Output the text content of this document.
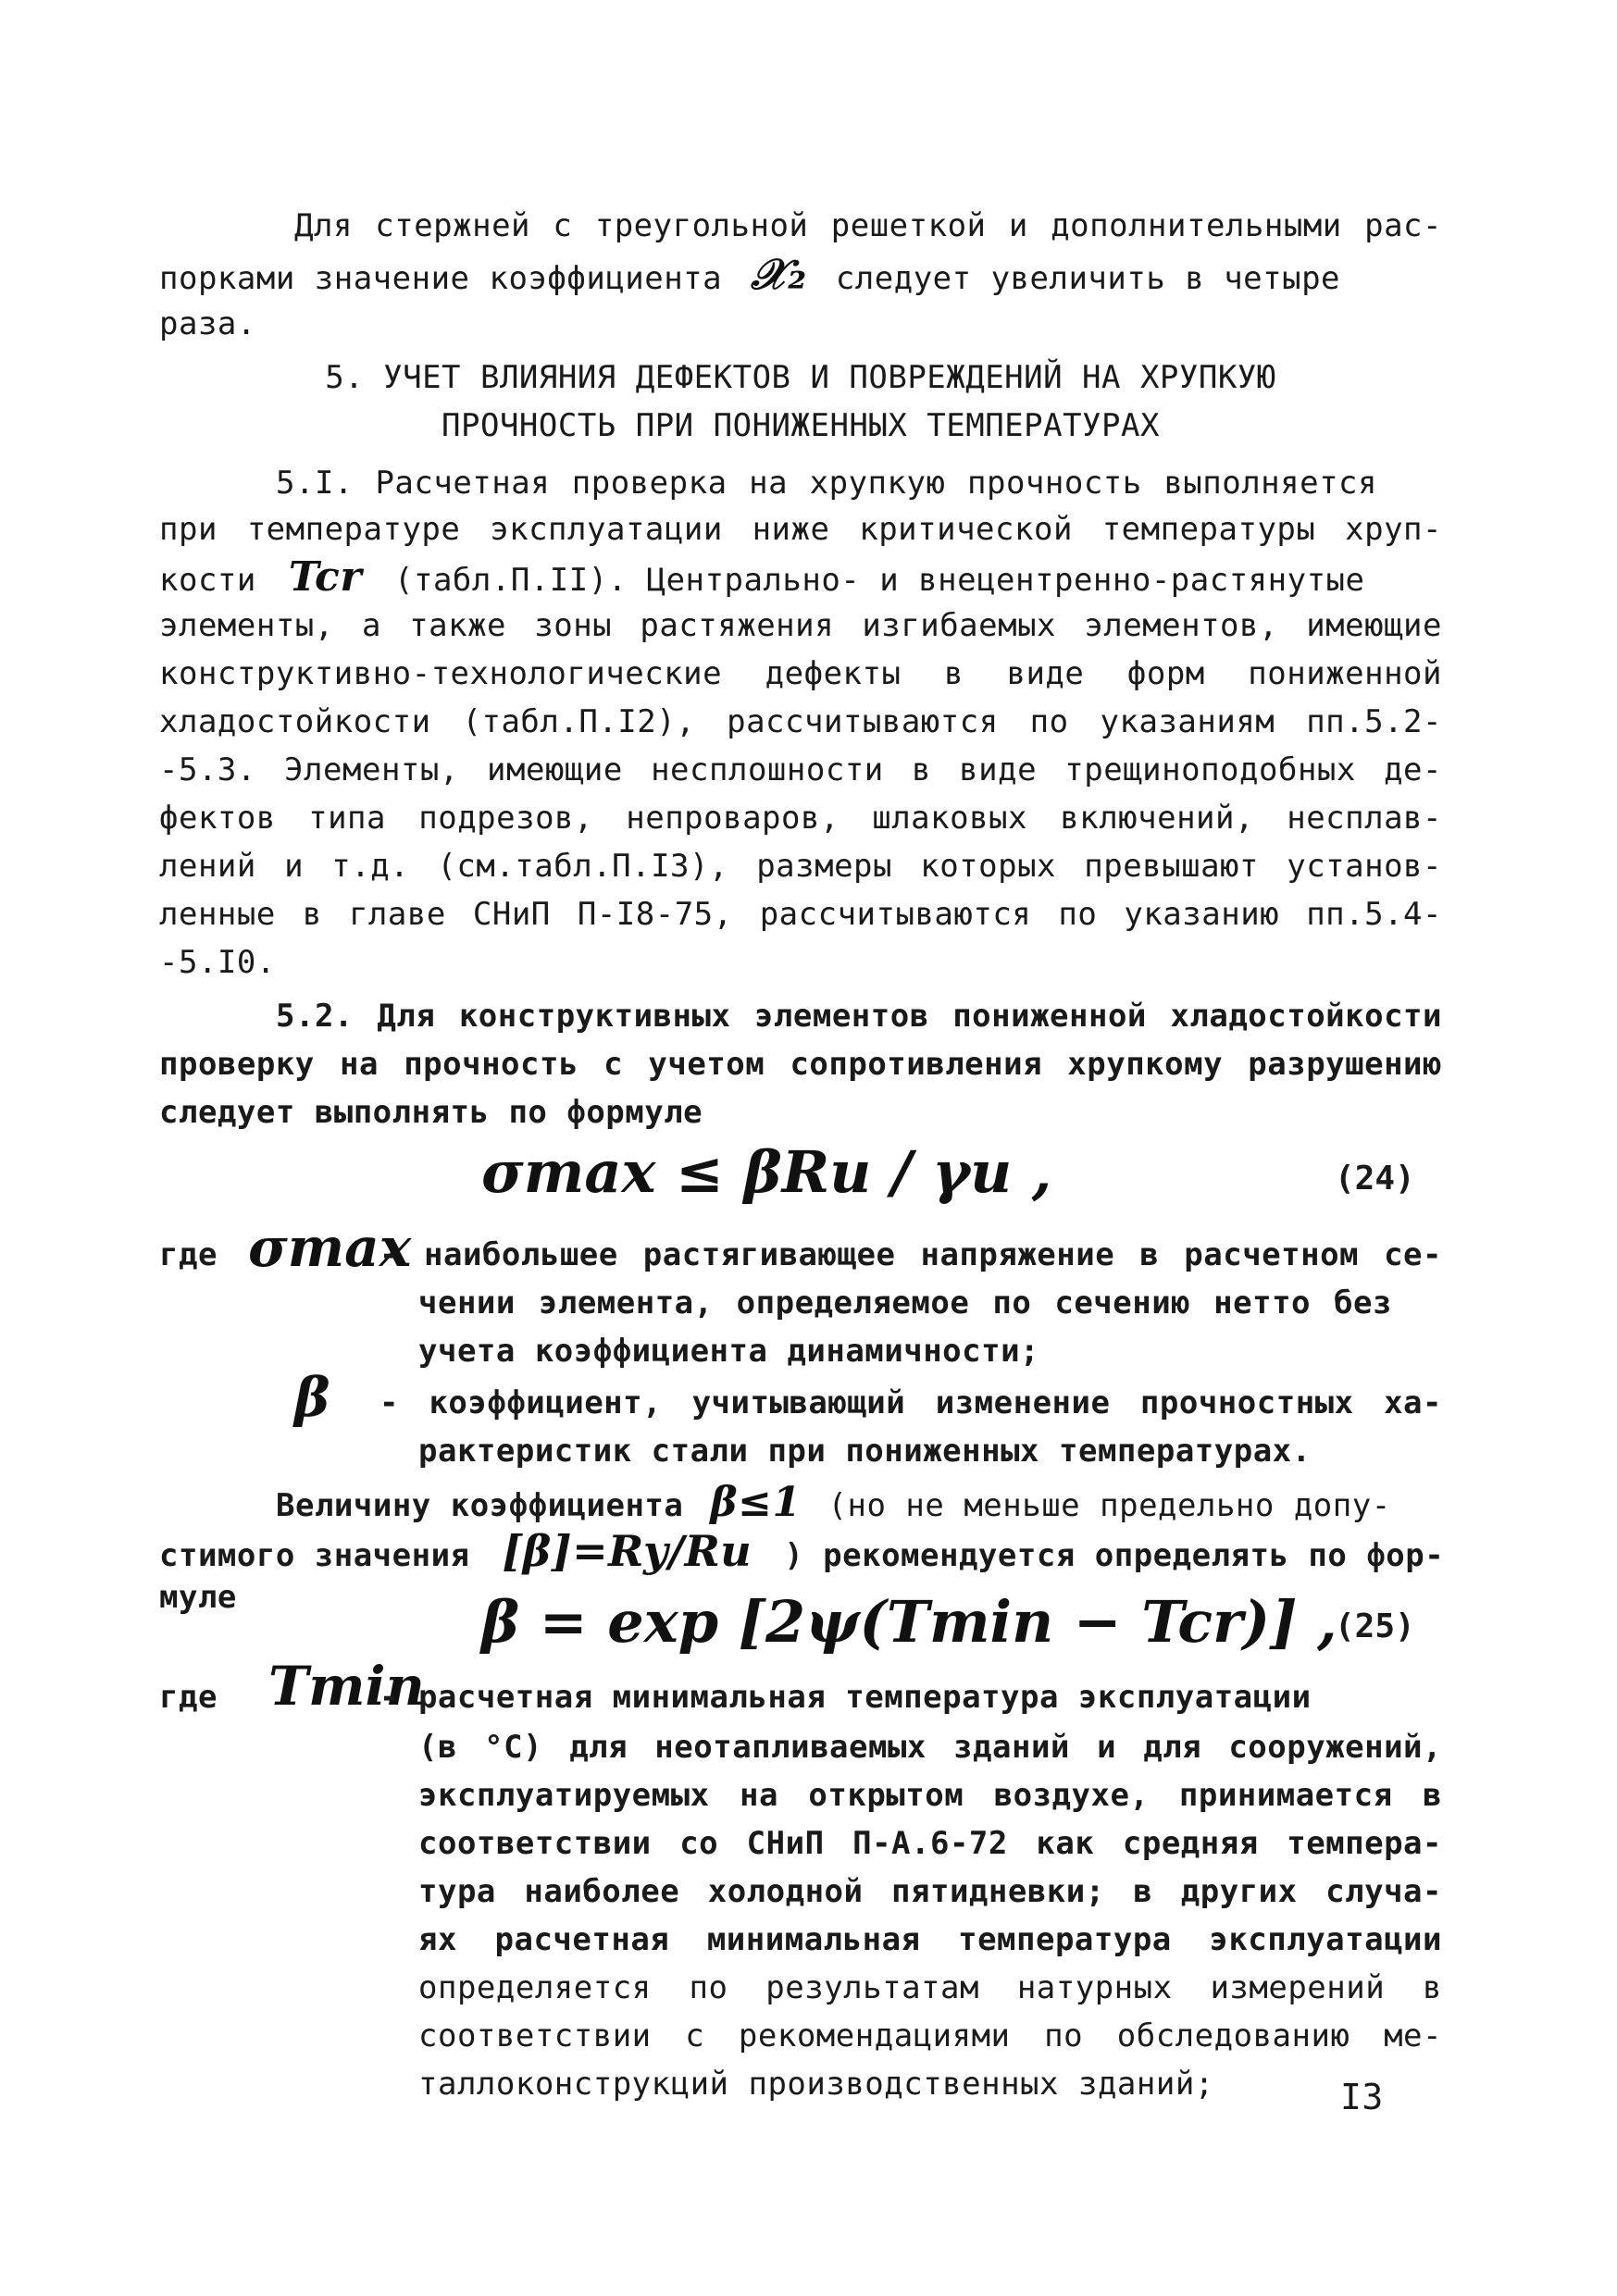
Для стержней с треугольной решеткой и дополнительными рас-
порками значение коэффициента 𝒳₂ следует увеличить в четыре
раза.
5. УЧЕТ ВЛИЯНИЯ ДЕФЕКТОВ И ПОВРЕЖДЕНИЙ НА ХРУПКУЮ
ПРОЧНОСТЬ ПРИ ПОНИЖЕННЫХ ТЕМПЕРАТУРАХ
5.I. Расчетная проверка на хрупкую прочность выполняется
при температуре эксплуатации ниже критической температуры хруп-
кости Tcr (табл.П.II). Центрально- и внецентренно-растянутые
элементы, а также зоны растяжения изгибаемых элементов, имеющие
конструктивно-технологические дефекты в виде форм пониженной
хладостойкости (табл.П.I2), рассчитываются по указаниям пп.5.2-
-5.3. Элементы, имеющие несплошности в виде трещиноподобных де-
фектов типа подрезов, непроваров, шлаковых включений, несплав-
лений и т.д. (см.табл.П.I3), размеры которых превышают установ-
ленные в главе СНиП П-I8-75, рассчитываются по указанию пп.5.4-
-5.I0.
5.2. Для конструктивных элементов пониженной хладостойкости
проверку на прочность с учетом сопротивления хрупкому разрушению
следует выполнять по формуле
σmax ≤ βRu / γu ,	(24)
где σmax
- наибольшее растягивающее напряжение в расчетном се-
чении элемента, определяемое по сечению нетто без
учета коэффициента динамичности;
β - коэффициент, учитывающий изменение прочностных ха-
рактеристик стали при пониженных температурах.
Величину коэффициента β≤1 (но не меньше предельно допу-
стимого значения [β]=Ry/Ru ) рекомендуется определять по фор-
муле	β = exp [2ψ(Tmin − Tcr)] ,
(25)
где Tmin
- расчетная минимальная температура эксплуатации
(в °С) для неотапливаемых зданий и для сооружений,
эксплуатируемых на открытом воздухе, принимается в
соответствии со СНиП П-А.6-72 как средняя темпера-
тура наиболее холодной пятидневки; в других случа-
ях расчетная минимальная температура эксплуатации
определяется по результатам натурных измерений в
соответствии с рекомендациями по обследованию ме-
таллоконструкций производственных зданий;	I3
